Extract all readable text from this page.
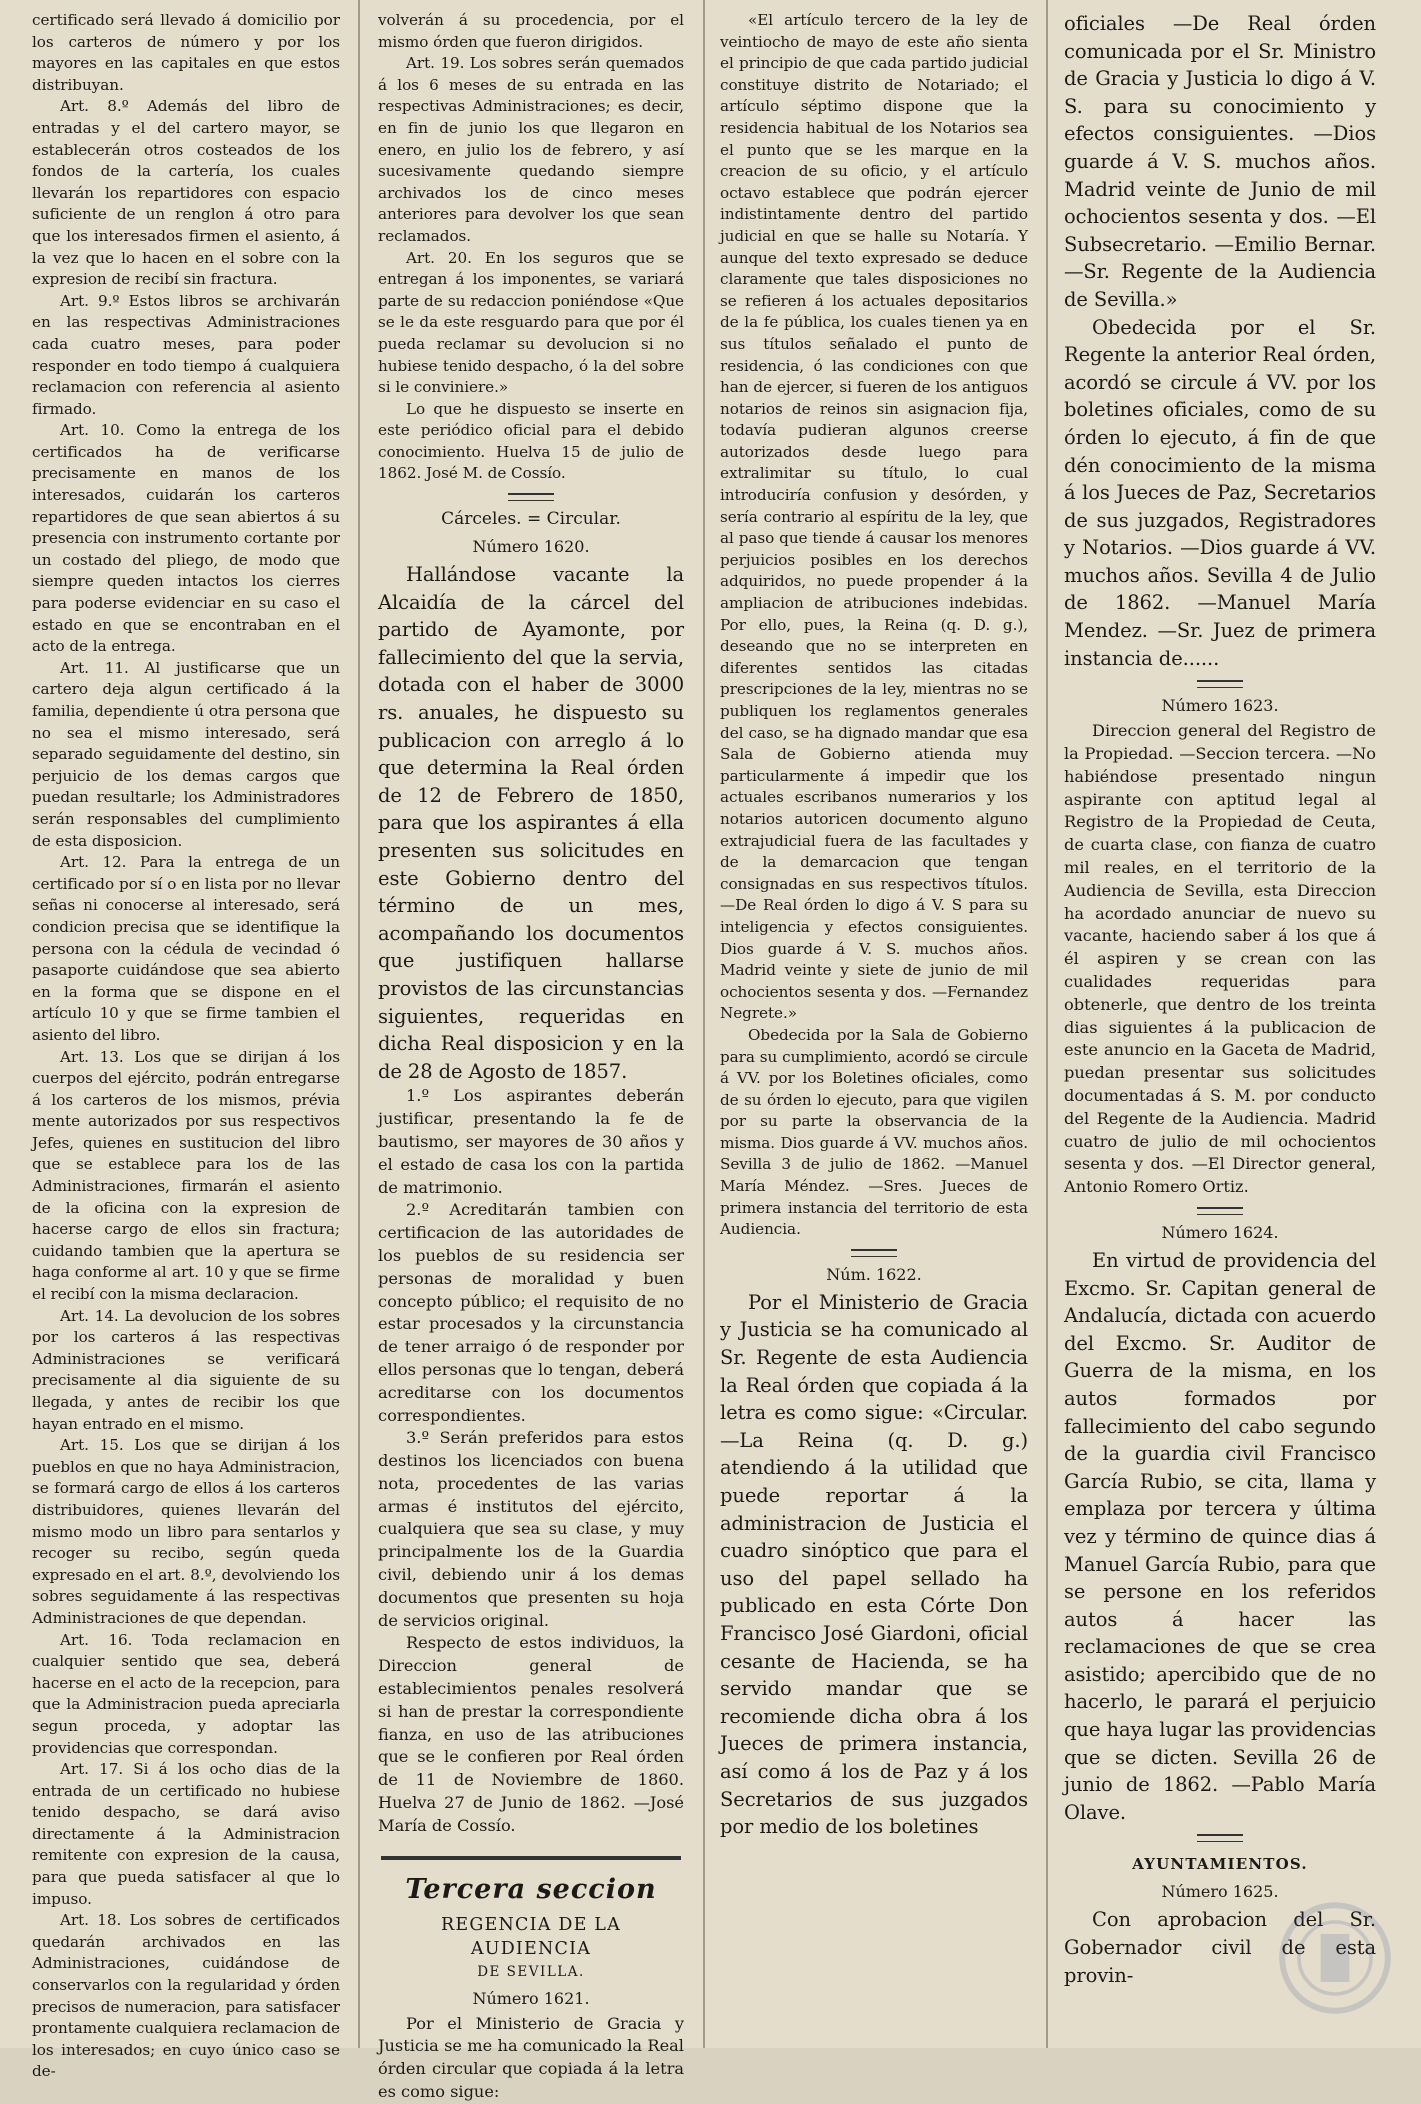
certificado será llevado á domicilio por los carteros de número y por los mayores en las capitales en que estos distribuyan.

Art. 8.º Además del libro de entradas y el del cartero mayor, se establecerán otros costeados de los fondos de la cartería, los cuales llevarán los repartidores con espacio suficiente de un renglon á otro para que los interesados firmen el asiento, á la vez que lo hacen en el sobre con la expresion de recibí sin fractura.

Art. 9.º Estos libros se archivarán en las respectivas Administraciones cada cuatro meses, para poder responder en todo tiempo á cualquiera reclamacion con referencia al asiento firmado.

Art. 10. Como la entrega de los certificados ha de verificarse precisamente en manos de los interesados, cuidarán los carteros repartidores de que sean abiertos á su presencia con instrumento cortante por un costado del pliego, de modo que siempre queden intactos los cierres para poderse evidenciar en su caso el estado en que se encontraban en el acto de la entrega.

Art. 11. Al justificarse que un cartero deja algun certificado á la familia, dependiente ú otra persona que no sea el mismo interesado, será separado seguidamente del destino, sin perjuicio de los demas cargos que puedan resultarle; los Administradores serán responsables del cumplimiento de esta disposicion.

Art. 12. Para la entrega de un certificado por sí o en lista por no llevar señas ni conocerse al interesado, será condicion precisa que se identifique la persona con la cédula de vecindad ó pasaporte cuidándose que sea abierto en la forma que se dispone en el artículo 10 y que se firme tambien el asiento del libro.

Art. 13. Los que se dirijan á los cuerpos del ejército, podrán entregarse á los carteros de los mismos, prévia mente autorizados por sus respectivos Jefes, quienes en sustitucion del libro que se establece para los de las Administraciones, firmarán el asiento de la oficina con la expresion de hacerse cargo de ellos sin fractura; cuidando tambien que la apertura se haga conforme al art. 10 y que se firme el recibí con la misma declaracion.

Art. 14. La devolucion de los sobres por los carteros á las respectivas Administraciones se verificará precisamente al dia siguiente de su llegada, y antes de recibir los que hayan entrado en el mismo.

Art. 15. Los que se dirijan á los pueblos en que no haya Administracion, se formará cargo de ellos á los carteros distribuidores, quienes llevarán del mismo modo un libro para sentarlos y recoger su recibo, según queda expresado en el art. 8.º, devolviendo los sobres seguidamente á las respectivas Administraciones de que dependan.

Art. 16. Toda reclamacion en cualquier sentido que sea, deberá hacerse en el acto de la recepcion, para que la Administracion pueda apreciarla segun proceda, y adoptar las providencias que correspondan.

Art. 17. Si á los ocho dias de la entrada de un certificado no hubiese tenido despacho, se dará aviso directamente á la Administracion remitente con expresion de la causa, para que pueda satisfacer al que lo impuso.

Art. 18. Los sobres de certificados quedarán archivados en las Administraciones, cuidándose de conservarlos con la regularidad y órden precisos de numeracion, para satisfacer prontamente cualquiera reclamacion de los interesados; en cuyo único caso se de-

volverán á su procedencia, por el mismo órden que fueron dirigidos.

Art. 19. Los sobres serán quemados á los 6 meses de su entrada en las respectivas Administraciones; es decir, en fin de junio los que llegaron en enero, en julio los de febrero, y así sucesivamente quedando siempre archivados los de cinco meses anteriores para devolver los que sean reclamados.

Art. 20. En los seguros que se entregan á los imponentes, se variará parte de su redaccion poniéndose «Que se le da este resguardo para que por él pueda reclamar su devolucion si no hubiese tenido despacho, ó la del sobre si le conviniere.»

Lo que he dispuesto se inserte en este periódico oficial para el debido conocimiento. Huelva 15 de julio de 1862. José M. de Cossío.

Cárceles. = Circular.
Número 1620.

Hallándose vacante la Alcaidía de la cárcel del partido de Ayamonte, por fallecimiento del que la servia, dotada con el haber de 3000 rs. anuales, he dispuesto su publicacion con arreglo á lo que determina la Real órden de 12 de Febrero de 1850, para que los aspirantes á ella presenten sus solicitudes en este Gobierno dentro del término de un mes, acompañando los documentos que justifiquen hallarse provistos de las circunstancias siguientes, requeridas en dicha Real disposicion y en la de 28 de Agosto de 1857.

1.º Los aspirantes deberán justificar, presentando la fe de bautismo, ser mayores de 30 años y el estado de casa los con la partida de matrimonio.

2.º Acreditarán tambien con certificacion de las autoridades de los pueblos de su residencia ser personas de moralidad y buen concepto público; el requisito de no estar procesados y la circunstancia de tener arraigo ó de responder por ellos personas que lo tengan, deberá acreditarse con los documentos correspondientes.

3.º Serán preferidos para estos destinos los licenciados con buena nota, procedentes de las varias armas é institutos del ejército, cualquiera que sea su clase, y muy principalmente los de la Guardia civil, debiendo unir á los demas documentos que presenten su hoja de servicios original.

Respecto de estos individuos, la Direccion general de establecimientos penales resolverá si han de prestar la correspondiente fianza, en uso de las atribuciones que se le confieren por Real órden de 11 de Noviembre de 1860. Huelva 27 de Junio de 1862. —José María de Cossío.

Tercera seccion
REGENCIA DE LA AUDIENCIA
DE SEVILLA.
Número 1621.

Por el Ministerio de Gracia y Justicia se me ha comunicado la Real órden circular que copiada á la letra es como sigue:

«El artículo tercero de la ley de veintiocho de mayo de este año sienta el principio de que cada partido judicial constituye distrito de Notariado; el artículo séptimo dispone que la residencia habitual de los Notarios sea el punto que se les marque en la creacion de su oficio, y el artículo octavo establece que podrán ejercer indistintamente dentro del partido judicial en que se halle su Notaría. Y aunque del texto expresado se deduce claramente que tales disposiciones no se refieren á los actuales depositarios de la fe pública, los cuales tienen ya en sus títulos señalado el punto de residencia, ó las condiciones con que han de ejercer, si fueren de los antiguos notarios de reinos sin asignacion fija, todavía pudieran algunos creerse autorizados desde luego para extralimitar su título, lo cual introduciría confusion y desórden, y sería contrario al espíritu de la ley, que al paso que tiende á causar los menores perjuicios posibles en los derechos adquiridos, no puede propender á la ampliacion de atribuciones indebidas. Por ello, pues, la Reina (q. D. g.), deseando que no se interpreten en diferentes sentidos las citadas prescripciones de la ley, mientras no se publiquen los reglamentos generales del caso, se ha dignado mandar que esa Sala de Gobierno atienda muy particularmente á impedir que los actuales escribanos numerarios y los notarios autoricen documento alguno extrajudicial fuera de las facultades y de la demarcacion que tengan consignadas en sus respectivos títulos.—De Real órden lo digo á V. S para su inteligencia y efectos consiguientes. Dios guarde á V. S. muchos años. Madrid veinte y siete de junio de mil ochocientos sesenta y dos. —Fernandez Negrete.»

Obedecida por la Sala de Gobierno para su cumplimiento, acordó se circule á VV. por los Boletines oficiales, como de su órden lo ejecuto, para que vigilen por su parte la observancia de la misma. Dios guarde á VV. muchos años. Sevilla 3 de julio de 1862. —Manuel María Méndez. —Sres. Jueces de primera instancia del territorio de esta Audiencia.

Núm. 1622.

Por el Ministerio de Gracia y Justicia se ha comunicado al Sr. Regente de esta Audiencia la Real órden que copiada á la letra es como sigue: «Circular. —La Reina (q. D. g.) atendiendo á la utilidad que puede reportar á la administracion de Justicia el cuadro sinóptico que para el uso del papel sellado ha publicado en esta Córte Don Francisco José Giardoni, oficial cesante de Hacienda, se ha servido mandar que se recomiende dicha obra á los Jueces de primera instancia, así como á los de Paz y á los Secretarios de sus juzgados por medio de los boletines

oficiales —De Real órden comunicada por el Sr. Ministro de Gracia y Justicia lo digo á V. S. para su conocimiento y efectos consiguientes. —Dios guarde á V. S. muchos años. Madrid veinte de Junio de mil ochocientos sesenta y dos. —El Subsecretario. —Emilio Bernar. —Sr. Regente de la Audiencia de Sevilla.»

Obedecida por el Sr. Regente la anterior Real órden, acordó se circule á VV. por los boletines oficiales, como de su órden lo ejecuto, á fin de que dén conocimiento de la misma á los Jueces de Paz, Secretarios de sus juzgados, Registradores y Notarios. —Dios guarde á VV. muchos años. Sevilla 4 de Julio de 1862. —Manuel María Mendez. —Sr. Juez de primera instancia de......

Número 1623.

Direccion general del Registro de la Propiedad. —Seccion tercera. —No habiéndose presentado ningun aspirante con aptitud legal al Registro de la Propiedad de Ceuta, de cuarta clase, con fianza de cuatro mil reales, en el territorio de la Audiencia de Sevilla, esta Direccion ha acordado anunciar de nuevo su vacante, haciendo saber á los que á él aspiren y se crean con las cualidades requeridas para obtenerle, que dentro de los treinta dias siguientes á la publicacion de este anuncio en la Gaceta de Madrid, puedan presentar sus solicitudes documentadas á S. M. por conducto del Regente de la Audiencia. Madrid cuatro de julio de mil ochocientos sesenta y dos. —El Director general, Antonio Romero Ortiz.

Número 1624.

En virtud de providencia del Excmo. Sr. Capitan general de Andalucía, dictada con acuerdo del Excmo. Sr. Auditor de Guerra de la misma, en los autos formados por fallecimiento del cabo segundo de la guardia civil Francisco García Rubio, se cita, llama y emplaza por tercera y última vez y término de quince dias á Manuel García Rubio, para que se persone en los referidos autos á hacer las reclamaciones de que se crea asistido; apercibido que de no hacerlo, le parará el perjuicio que haya lugar las providencias que se dicten. Sevilla 26 de junio de 1862. —Pablo María Olave.

AYUNTAMIENTOS.
Número 1625.

Con aprobacion del Sr. Gobernador civil de esta provin-
